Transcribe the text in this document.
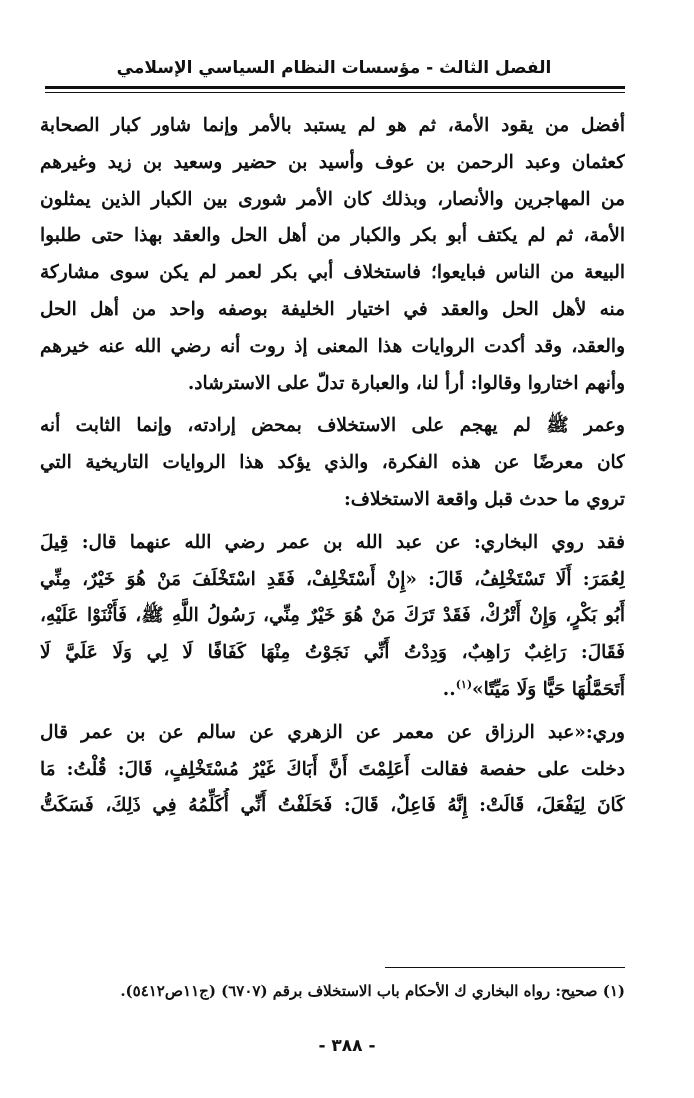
الفصل الثالث - مؤسسات النظام السياسي الإسلامي

أفضل من يقود الأمة، ثم هو لم يستبد بالأمر وإنما شاور كبار الصحابة
كعثمان وعبد الرحمن بن عوف وأسيد بن حضير وسعيد بن زيد وغيرهم
من المهاجرين والأنصار، وبذلك كان الأمر شورى بين الكبار الذين يمثلون
الأمة، ثم لم يكتف أبو بكر والكبار من أهل الحل والعقد بهذا حتى طلبوا
البيعة من الناس فبايعوا؛ فاستخلاف أبي بكر لعمر لم يكن سوى مشاركة
منه لأهل الحل والعقد في اختيار الخليفة بوصفه واحد من أهل الحل
والعقد، وقد أكدت الروايات هذا المعنى إذ روت أنه رضي الله عنه خيرهم
وأنهم اختاروا وقالوا: أرأ لنا، والعبارة تدلّ على الاسترشاد.

وعمر ﷺ لم يهجم على الاستخلاف بمحض إرادته، وإنما الثابت أنه
كان معرضًا عن هذه الفكرة، والذي يؤكد هذا الروايات التاريخية التي
تروي ما حدث قبل واقعة الاستخلاف:

فقد روي البخاري: عن عبد الله بن عمر رضي الله عنهما قال: قِيلَ
لِعُمَرَ: أَلَا تَسْتَخْلِفُ، قَالَ: «إِنْ أَسْتَخْلِفْ، فَقَدِ اسْتَخْلَفَ مَنْ هُوَ خَيْرٌ، مِنِّي
أَبُو بَكْرٍ، وَإِنْ أَتْرُكْ، فَقَدْ تَرَكَ مَنْ هُوَ خَيْرٌ مِنِّي، رَسُولُ اللَّهِ ﷺ، فَأَثْنَوْا عَلَيْهِ،
فَقَالَ: رَاغِبٌ رَاهِبٌ، وَدِدْتُ أَنِّي نَجَوْتُ مِنْهَا كَفَافًا لَا لِي وَلَا عَلَيَّ لَا
أَتَحَمَّلُهَا حَيًّا وَلَا مَيِّتًا»$^{(١)}$..

وري:«عبد الرزاق عن معمر عن الزهري عن سالم عن بن عمر قال
دخلت على حفصة فقالت أَعَلِمْتَ أَنَّ أَبَاكَ غَيْرُ مُسْتَخْلِفٍ، قَالَ: قُلْتُ: مَا
كَانَ لِيَفْعَلَ، قَالَتْ: إِنَّهُ فَاعِلٌ، قَالَ: فَحَلَفْتُ أَنِّي أُكَلِّمُهُ فِي ذَلِكَ، فَسَكَتُّ

(١) صحيح: رواه البخاري ك الأحكام باب الاستخلاف برقم (٦٧٠٧) (ج١١ص٥٤١٢).
- ٣٨٨ -
